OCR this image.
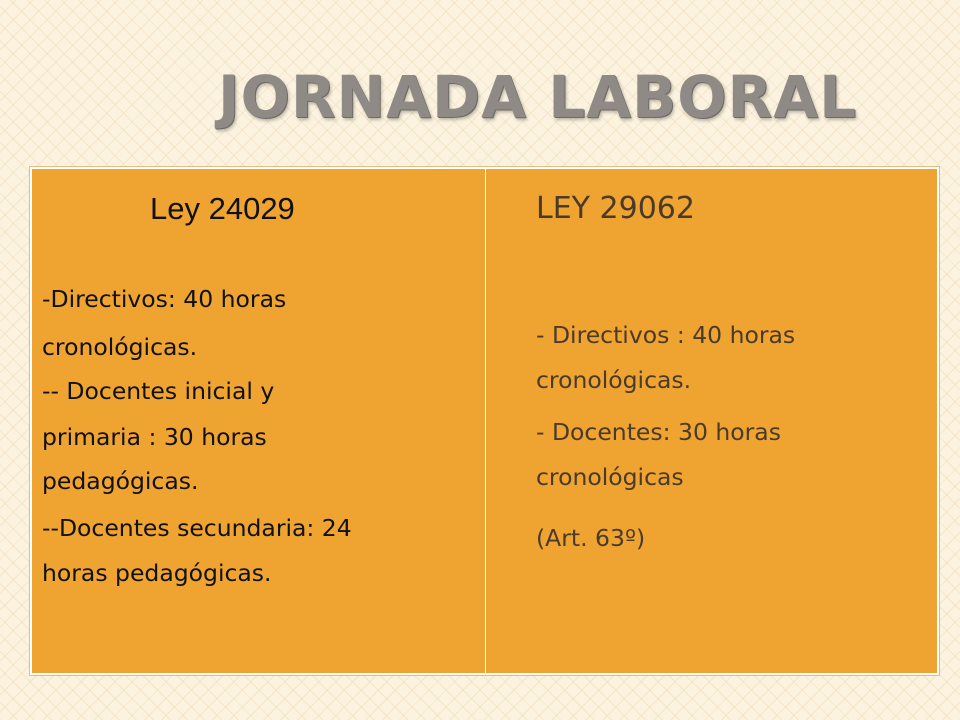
JORNADA LABORAL
Ley 24029
-Directivos: 40 horas
cronológicas.
-- Docentes inicial y
primaria : 30 horas
pedagógicas.
--Docentes secundaria: 24
horas pedagógicas.
LEY 29062
- Directivos : 40 horas
cronológicas.
- Docentes: 30 horas
cronológicas
(Art. 63º)
